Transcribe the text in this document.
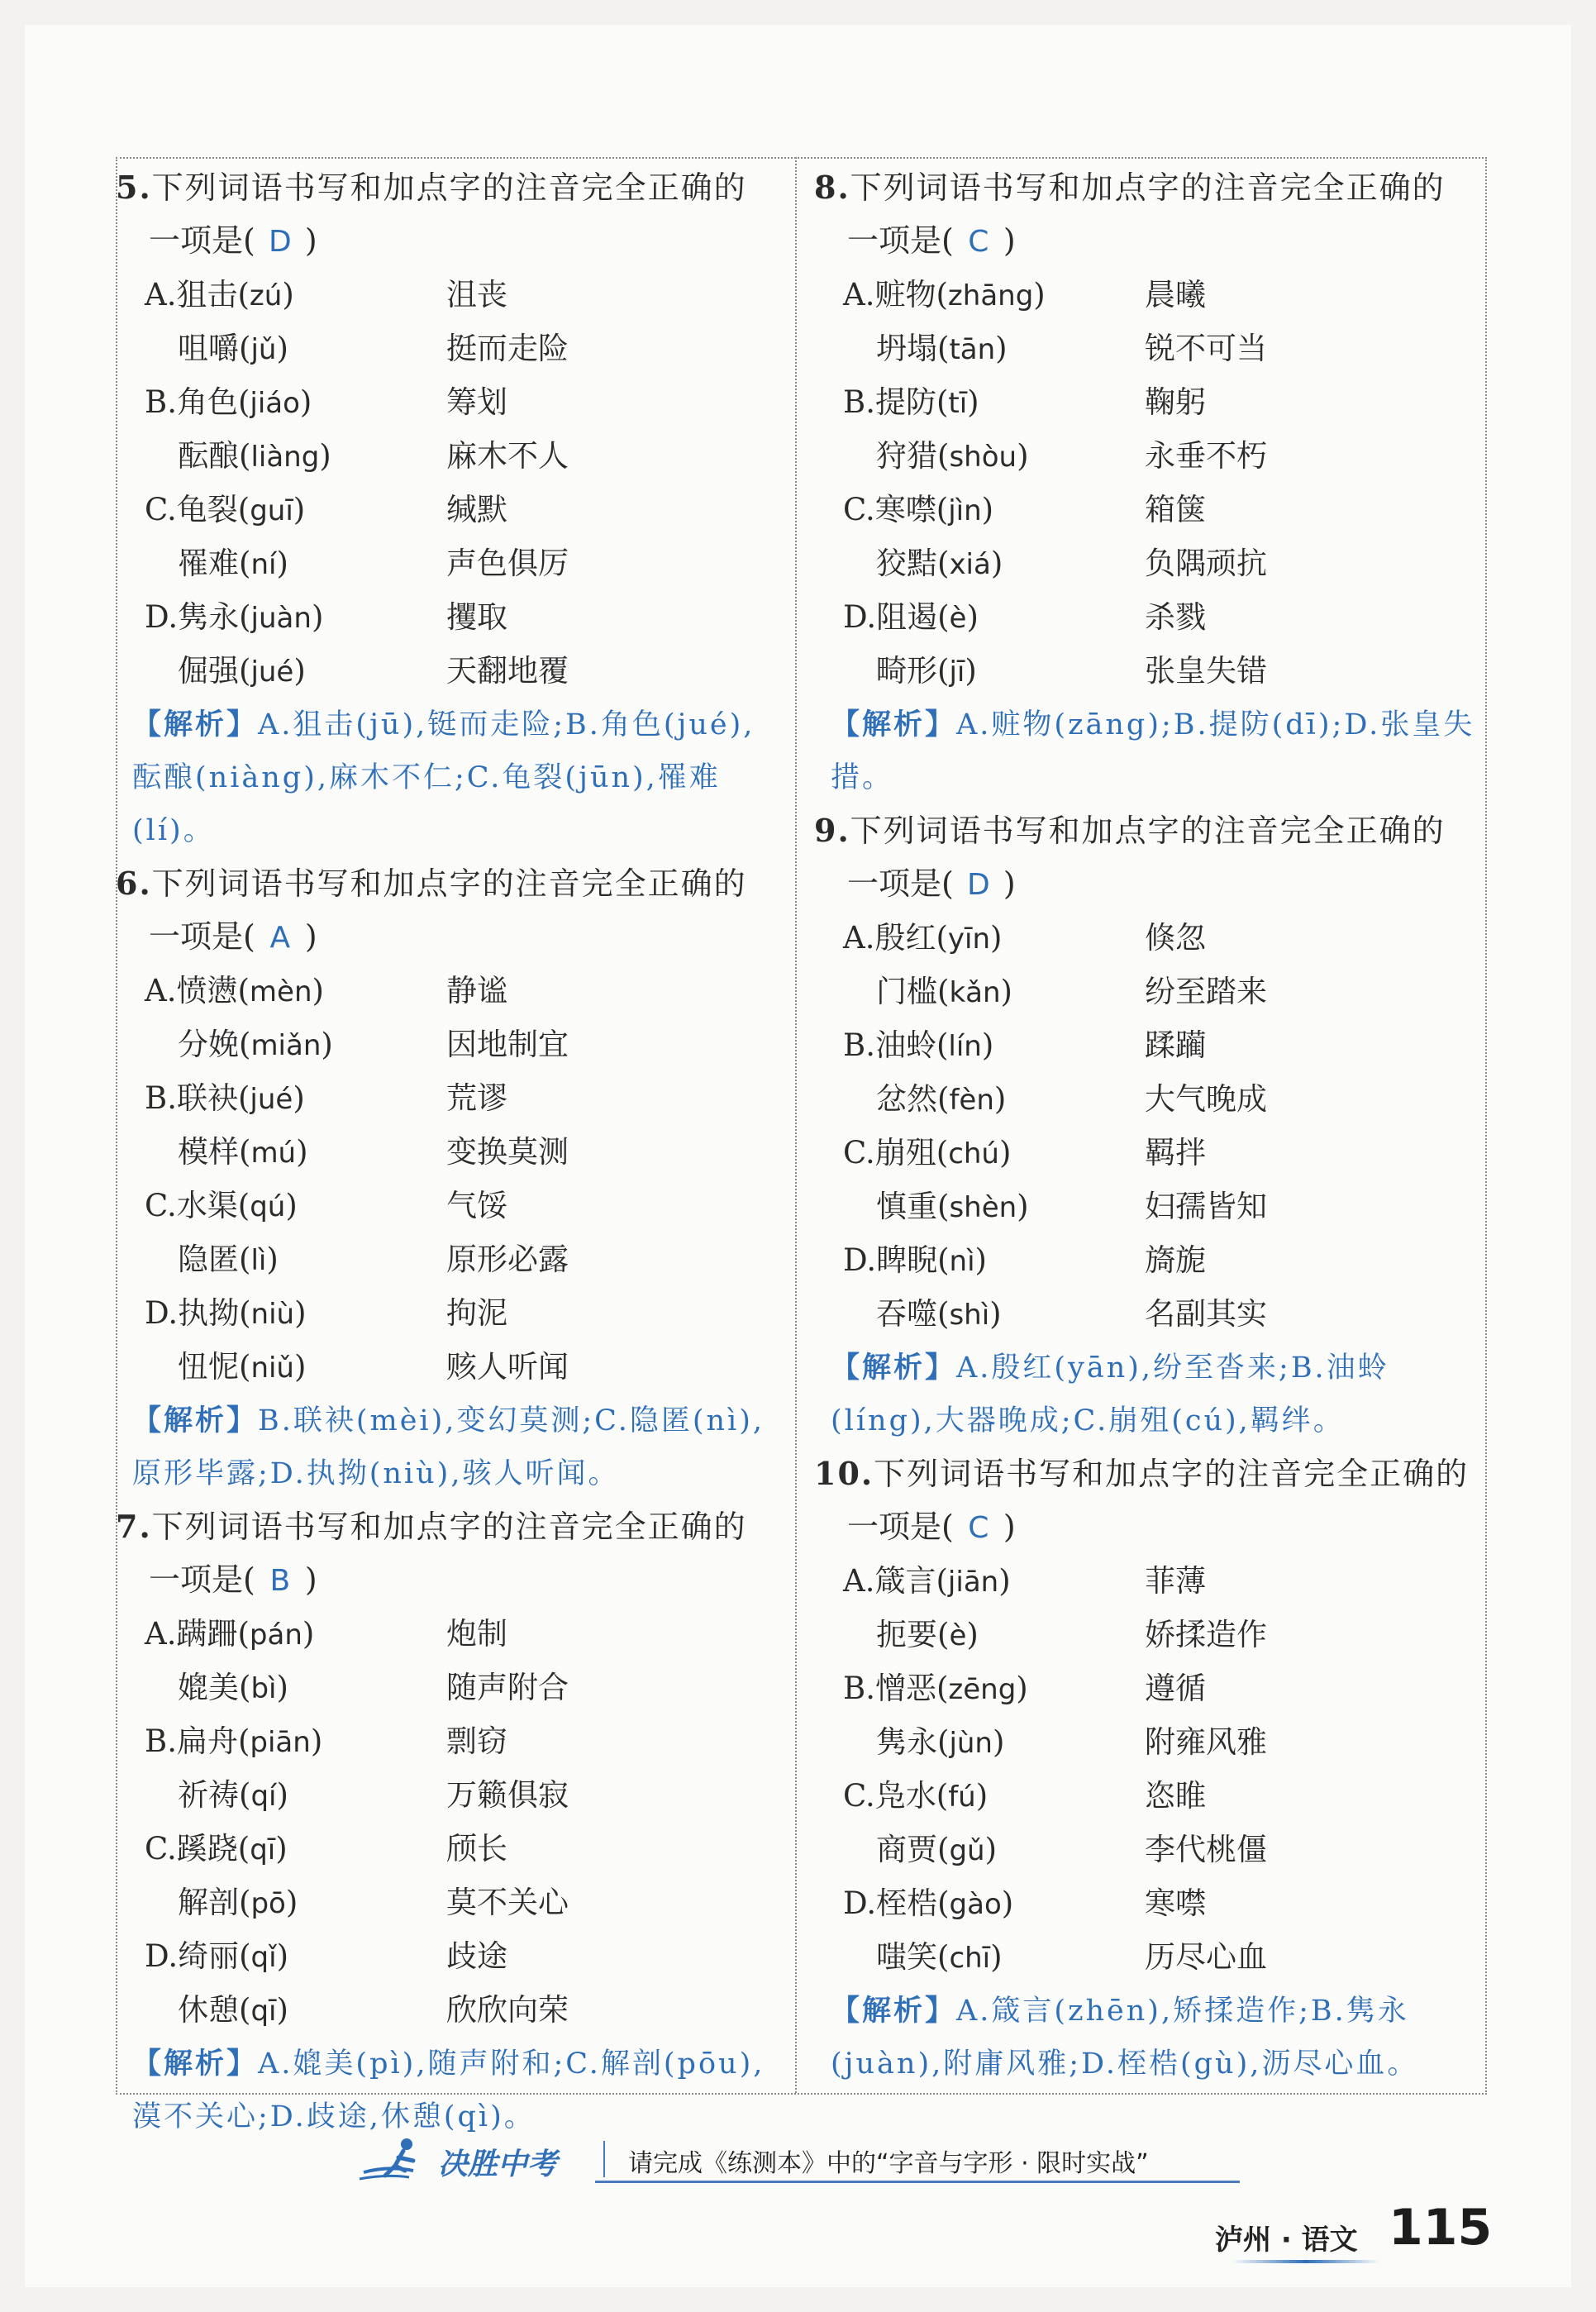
5.下列词语书写和加点字的注音完全正确的
一项是( D )
A.狙击(zú)	沮丧
咀嚼(jǔ)	挺而走险
B.角色(jiáo)	筹划
酝酿(liàng)	麻木不人
C.龟裂(guī)	缄默
罹难(ní)	声色俱厉
D.隽永(juàn)	攫取
倔强(jué)	天翻地覆
【解析】A.狙击(jū),铤而走险;B.角色(jué),酝酿(niàng),麻木不仁;C.龟裂(jūn),罹难(lí)。
6.下列词语书写和加点字的注音完全正确的
一项是( A )
A.愤懑(mèn)	静谧
分娩(miǎn)	因地制宜
B.联袂(jué)	荒谬
模样(mú)	变换莫测
C.水渠(qú)	气馁
隐匿(lì)	原形必露
D.执拗(niù)	拘泥
忸怩(niǔ)	赅人听闻
【解析】B.联袂(mèi),变幻莫测;C.隐匿(nì),原形毕露;D.执拗(niù),骇人听闻。
7.下列词语书写和加点字的注音完全正确的
一项是( B )
A.蹒跚(pán)	炮制
媲美(bì)	随声附合
B.扁舟(piān)	剽窃
祈祷(qí)	万籁俱寂
C.蹊跷(qī)	颀长
解剖(pō)	莫不关心
D.绮丽(qǐ)	歧途
休憩(qī)	欣欣向荣
【解析】A.媲美(pì),随声附和;C.解剖(pōu),漠不关心;D.歧途,休憩(qì)。
8.下列词语书写和加点字的注音完全正确的
一项是( C )
A.赃物(zhāng)	晨曦
坍塌(tān)	锐不可当
B.提防(tī)	鞠躬
狩猎(shòu)	永垂不朽
C.寒噤(jìn)	箱箧
狡黠(xiá)	负隅顽抗
D.阻遏(è)	杀戮
畸形(jī)	张皇失错
【解析】A.赃物(zāng);B.提防(dī);D.张皇失措。
9.下列词语书写和加点字的注音完全正确的
一项是( D )
A.殷红(yīn)	倏忽
门槛(kǎn)	纷至踏来
B.油蛉(lín)	蹂躏
忿然(fèn)	大气晚成
C.崩殂(chú)	羁拌
慎重(shèn)	妇孺皆知
D.睥睨(nì)	旖旎
吞噬(shì)	名副其实
【解析】A.殷红(yān),纷至沓来;B.油蛉(líng),大器晚成;C.崩殂(cú),羁绊。
10.下列词语书写和加点字的注音完全正确的
一项是( C )
A.箴言(jiān)	菲薄
扼要(è)	娇揉造作
B.憎恶(zēng)	遵循
隽永(jùn)	附雍风雅
C.凫水(fú)	恣睢
商贾(gǔ)	李代桃僵
D.桎梏(gào)	寒噤
嗤笑(chī)	历尽心血
【解析】A.箴言(zhēn),矫揉造作;B.隽永(juàn),附庸风雅;D.桎梏(gù),沥尽心血。
决胜中考	请完成《练测本》中的“字音与字形 · 限时实战”
泸州 · 语文 115
